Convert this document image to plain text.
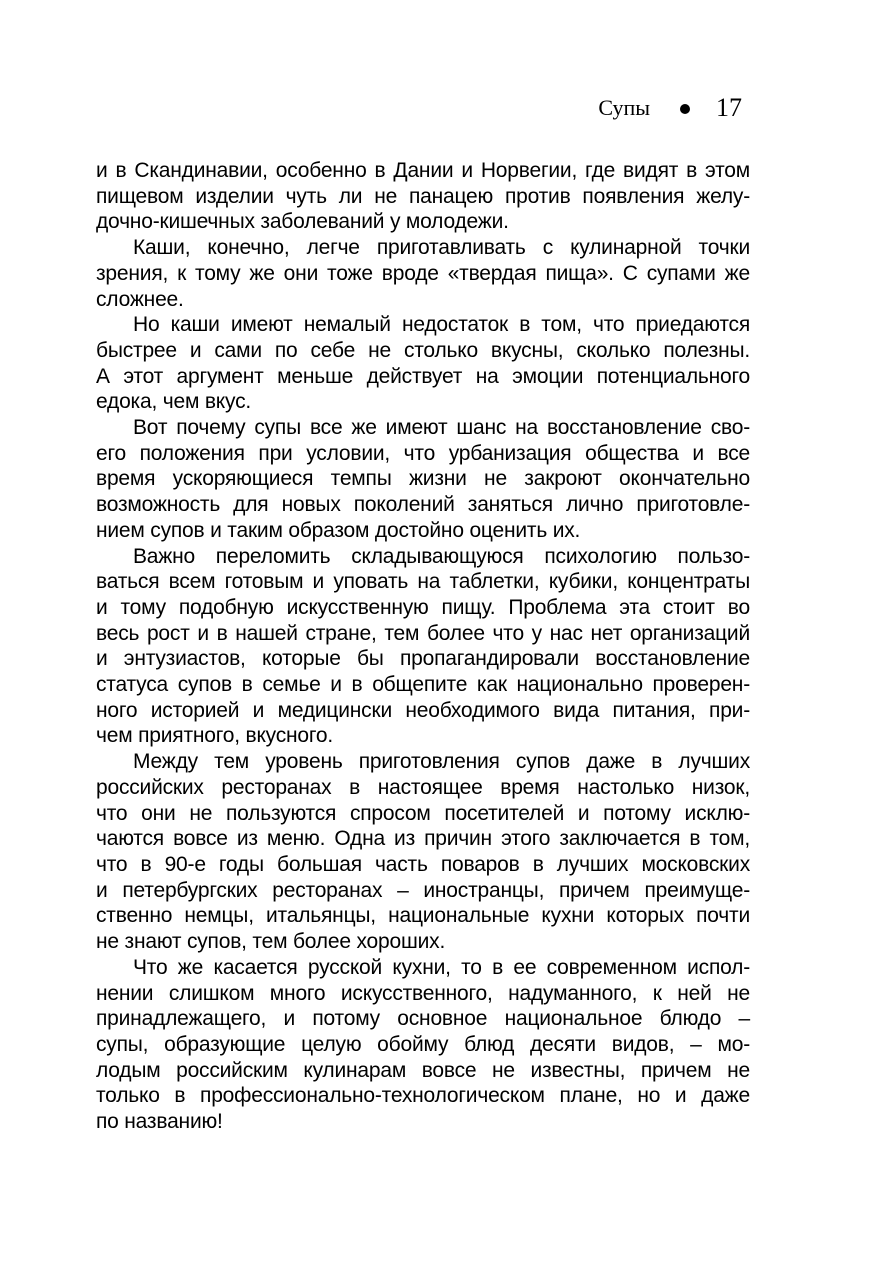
Супы	17

и в Скандинавии, особенно в Дании и Норвегии, где видят в этом
пищевом изделии чуть ли не панацею против появления желу-
дочно-кишечных заболеваний у молодежи.

Каши, конечно, легче приготавливать с кулинарной точки
зрения, к тому же они тоже вроде «твердая пища». С супами же
сложнее.

Но каши имеют немалый недостаток в том, что приедаются
быстрее и сами по себе не столько вкусны, сколько полезны.
А этот аргумент меньше действует на эмоции потенциального
едока, чем вкус.

Вот почему супы все же имеют шанс на восстановление сво-
его положения при условии, что урбанизация общества и все
время ускоряющиеся темпы жизни не закроют окончательно
возможность для новых поколений заняться лично приготовле-
нием супов и таким образом достойно оценить их.

Важно переломить складывающуюся психологию пользо-
ваться всем готовым и уповать на таблетки, кубики, концентраты
и тому подобную искусственную пищу. Проблема эта стоит во
весь рост и в нашей стране, тем более что у нас нет организаций
и энтузиастов, которые бы пропагандировали восстановление
статуса супов в семье и в общепите как национально проверен-
ного историей и медицински необходимого вида питания, при-
чем приятного, вкусного.

Между тем уровень приготовления супов даже в лучших
российских ресторанах в настоящее время настолько низок,
что они не пользуются спросом посетителей и потому исклю-
чаются вовсе из меню. Одна из причин этого заключается в том,
что в 90-е годы большая часть поваров в лучших московских
и петербургских ресторанах – иностранцы, причем преимуще-
ственно немцы, итальянцы, национальные кухни которых почти
не знают супов, тем более хороших.

Что же касается русской кухни, то в ее современном испол-
нении слишком много искусственного, надуманного, к ней не
принадлежащего, и потому основное национальное блюдо –
супы, образующие целую обойму блюд десяти видов, – мо-
лодым российским кулинарам вовсе не известны, причем не
только в профессионально-технологическом плане, но и даже
по названию!
